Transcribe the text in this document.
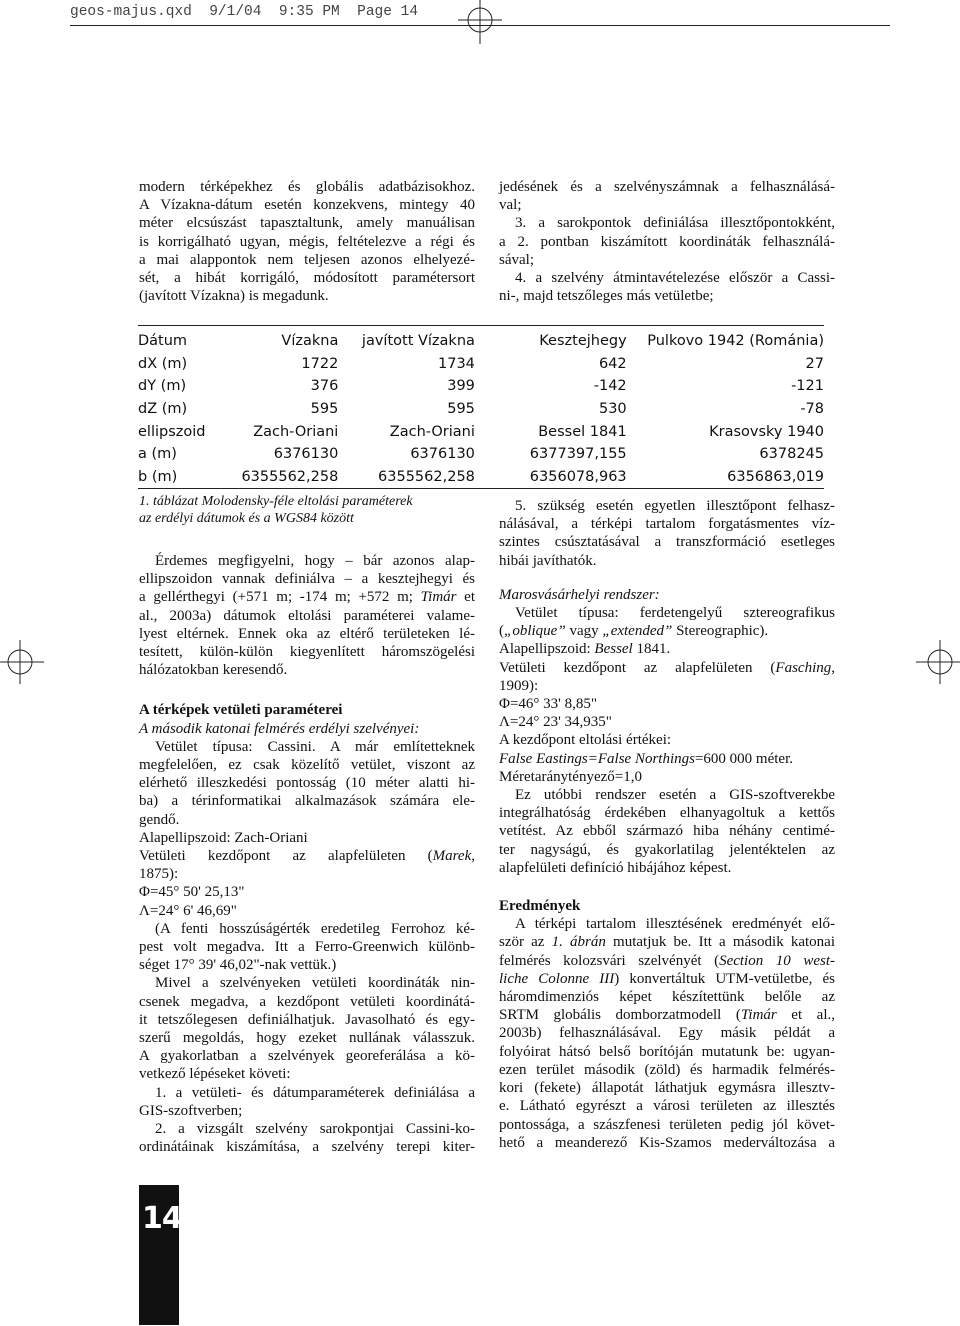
geos-majus.qxd  9/1/04  9:35 PM  Page 14

modern térképekhez és globális adatbázisokhoz.

A Vízakna-dátum esetén konzekvens, mintegy 40

méter elcsúszást tapasztaltunk, amely manuálisan

is korrigálható ugyan, mégis, feltételezve a régi és

a mai alappontok nem teljesen azonos elhelyezé-

sét, a hibát korrigáló, módosított paramétersort

(javított Vízakna) is megadunk.

jedésének és a szelvényszámnak a felhasználásá-

val;

3. a sarokpontok definiálása illesztőpontokként,

a 2. pontban kiszámított koordináták felhasználá-

sával;

4. a szelvény átmintavételezése először a Cassi-

ni-, majd tetszőleges más vetületbe;

Dátum	Vízakna	javított Vízakna	Kesztejhegy	Pulkovo 1942 (Románia)
dX (m)	1722	1734	642	27
dY (m)	376	399	-142	-121
dZ (m)	595	595	530	-78
ellipszoid	Zach-Oriani	Zach-Oriani	Bessel 1841	Krasovsky 1940
a (m)	6376130	6376130	6377397,155	6378245
b (m)	6355562,258	6355562,258	6356078,963	6356863,019

1. táblázat Molodensky-féle eltolási paraméterek

az erdélyi dátumok és a WGS84 között

Érdemes megfigyelni, hogy – bár azonos alap-

ellipszoidon vannak definiálva – a kesztejhegyi és

a gellérthegyi (+571 m; -174 m; +572 m; Timár et

al., 2003a) dátumok eltolási paraméterei valame-

lyest eltérnek. Ennek oka az eltérő területeken lé-

tesített, külön-külön kiegyenlített háromszögelési

hálózatokban keresendő.

A térképek vetületi paraméterei

A második katonai felmérés erdélyi szelvényei:

Vetület típusa: Cassini. A már említetteknek

megfelelően, ez csak közelítő vetület, viszont az

elérhető illeszkedési pontosság (10 méter alatti hi-

ba) a térinformatikai alkalmazások számára ele-

gendő.

Alapellipszoid: Zach-Oriani

Vetületi kezdőpont az alapfelületen (Marek,

1875):

Φ=45° 50' 25,13"

Λ=24° 6' 46,69"

(A fenti hosszúságérték eredetileg Ferrohoz ké-

pest volt megadva. Itt a Ferro-Greenwich különb-

séget 17° 39' 46,02"-nak vettük.)

Mivel a szelvényeken vetületi koordináták nin-

csenek megadva, a kezdőpont vetületi koordinátá-

it tetszőlegesen definiálhatjuk. Javasolható és egy-

szerű megoldás, hogy ezeket nullának válasszuk.

A gyakorlatban a szelvények georeferálása a kö-

vetkező lépéseket követi:

1. a vetületi- és dátumparaméterek definiálása a

GIS-szoftverben;

2. a vizsgált szelvény sarokpontjai Cassini-ko-

ordinátáinak kiszámítása, a szelvény terepi kiter-

5. szükség esetén egyetlen illesztőpont felhasz-

nálásával, a térképi tartalom forgatásmentes víz-

szintes csúsztatásával a transzformáció esetleges

hibái javíthatók.

Marosvásárhelyi rendszer:

Vetület típusa: ferdetengelyű sztereografikus

(„oblique” vagy „extended” Stereographic).

Alapellipszoid: Bessel 1841.

Vetületi kezdőpont az alapfelületen (Fasching,

1909):

Φ=46° 33' 8,85"

Λ=24° 23' 34,935"

A kezdőpont eltolási értékei:

False Eastings=False Northings=600 000 méter.

Méretaránytényező=1,0

Ez utóbbi rendszer esetén a GIS-szoftverekbe

integrálhatóság érdekében elhanyagoltuk a kettős

vetítést. Az ebből származó hiba néhány centimé-

ter nagyságú, és gyakorlatilag jelentéktelen az

alapfelületi definíció hibájához képest.

Eredmények

A térképi tartalom illesztésének eredményét elő-

ször az 1. ábrán mutatjuk be. Itt a második katonai

felmérés kolozsvári szelvényét (Section 10 west-

liche Colonne III) konvertáltuk UTM-vetületbe, és

háromdimenziós képet készítettünk belőle az

SRTM globális domborzatmodell (Timár et al.,

2003b) felhasználásával. Egy másik példát a

folyóirat hátsó belső borítóján mutatunk be: ugyan-

ezen terület második (zöld) és harmadik felmérés-

kori (fekete) állapotát láthatjuk egymásra illesztv-

e. Látható egyrészt a városi területen az illesztés

pontossága, a szászfenesi területen pedig jól követ-

hető a meanderező Kis-Szamos mederváltozása a

14
